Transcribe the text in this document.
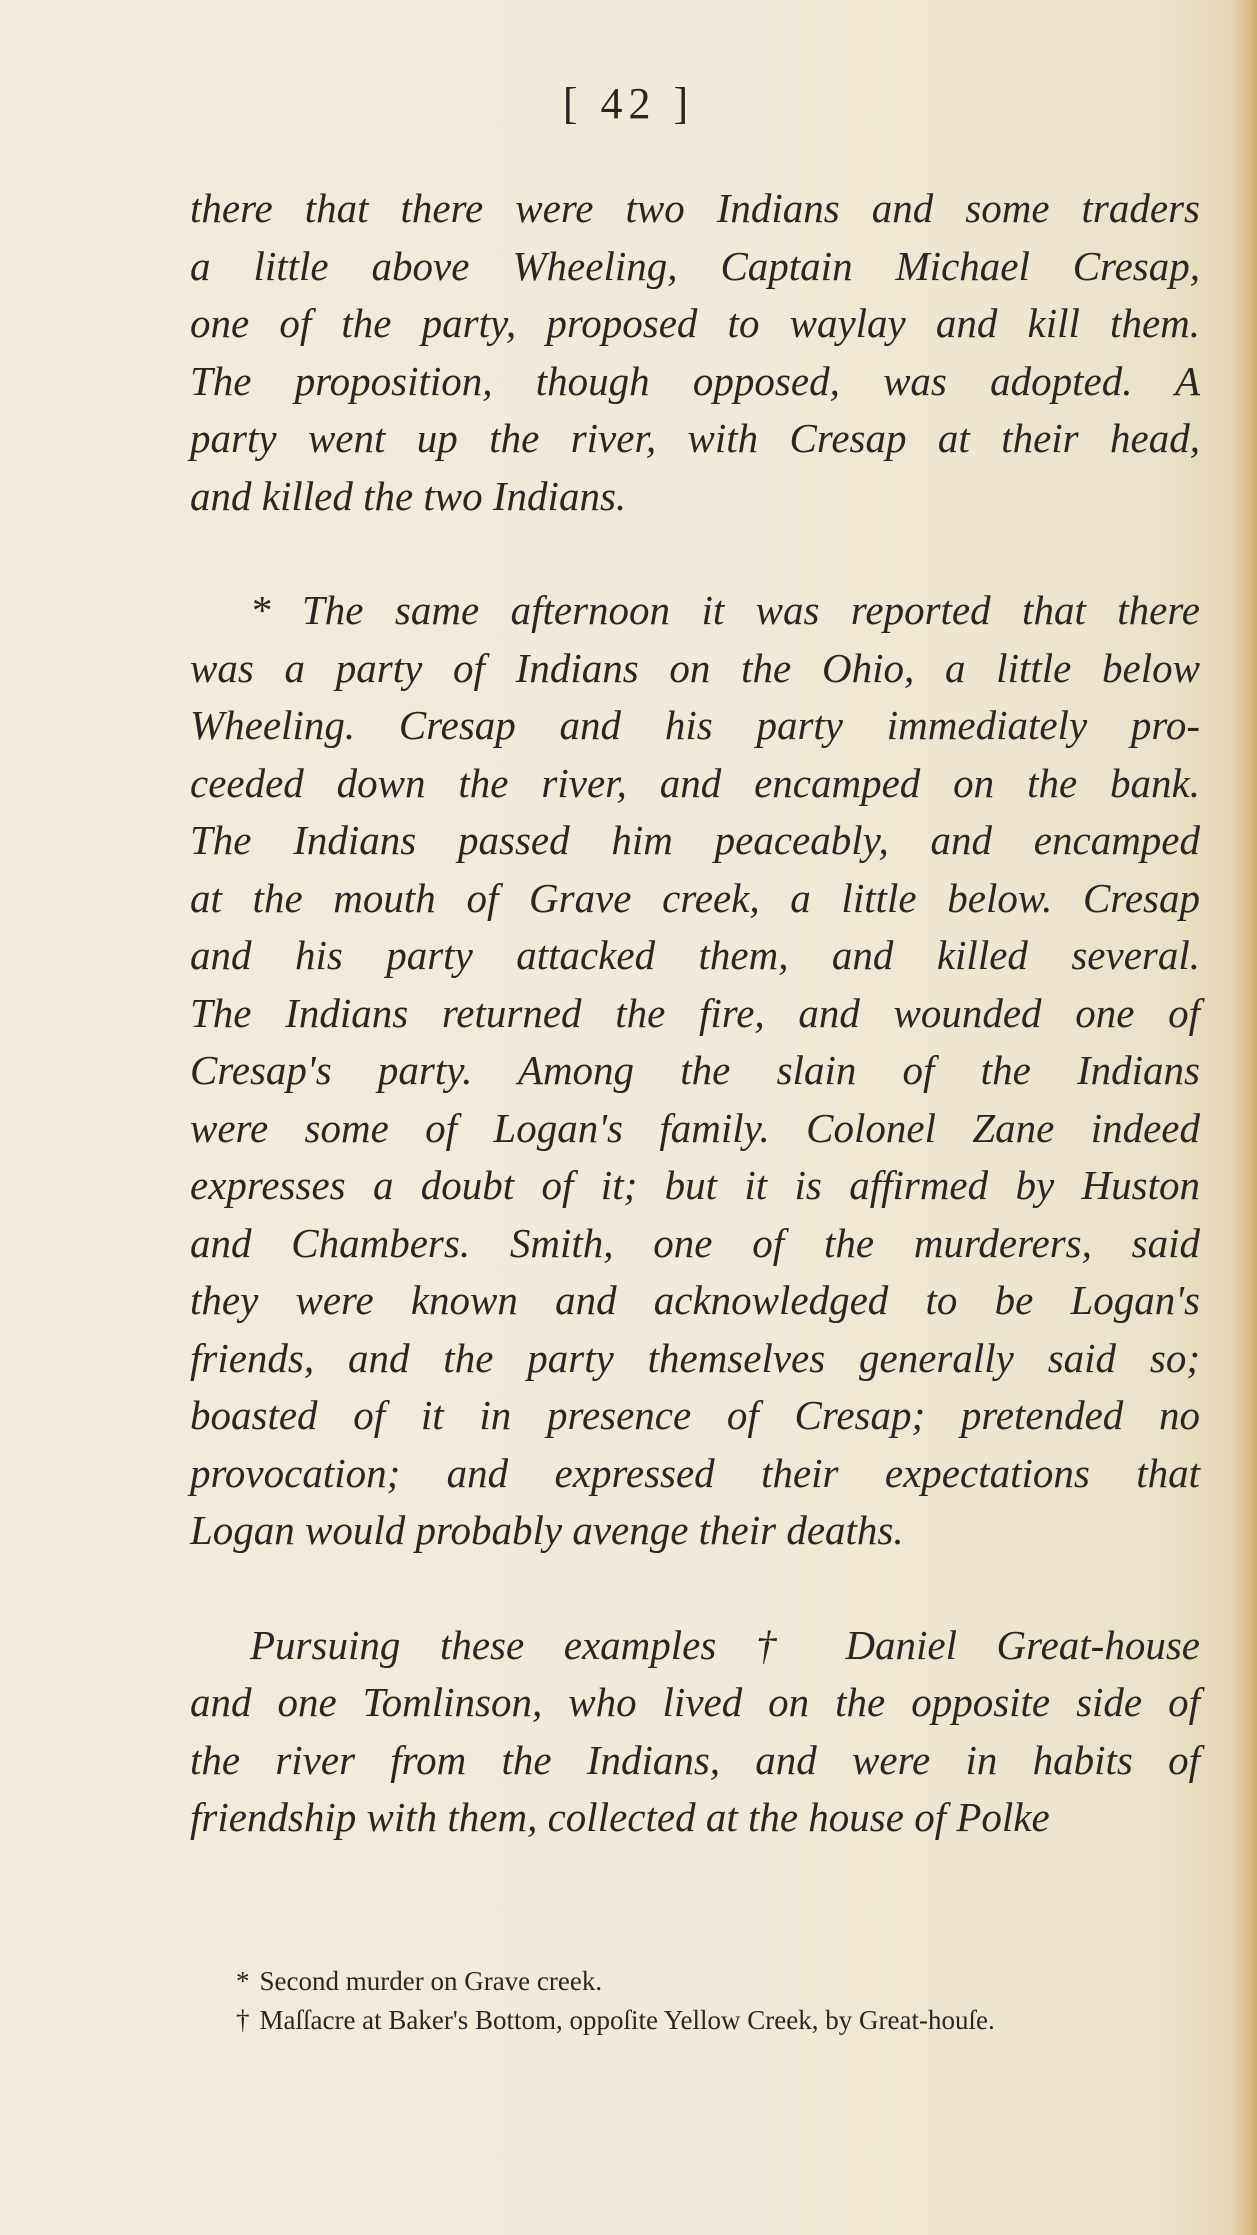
[ 42 ]
there that there were two Indians and some traders
a little above Wheeling, Captain Michael Cresap,
one of the party, proposed to waylay and kill them.
The proposition, though opposed, was adopted. A
party went up the river, with Cresap at their head,
and killed the two Indians.
* The same afternoon it was reported that there
was a party of Indians on the Ohio, a little below
Wheeling. Cresap and his party immediately pro-
ceeded down the river, and encamped on the bank.
The Indians passed him peaceably, and encamped
at the mouth of Grave creek, a little below. Cresap
and his party attacked them, and killed several.
The Indians returned the fire, and wounded one of
Cresap's party. Among the slain of the Indians
were some of Logan's family. Colonel Zane indeed
expresses a doubt of it; but it is affirmed by Huston
and Chambers. Smith, one of the murderers, said
they were known and acknowledged to be Logan's
friends, and the party themselves generally said so;
boasted of it in presence of Cresap; pretended no
provocation; and expressed their expectations that
Logan would probably avenge their deaths.
Pursuing these examples † Daniel Great-house
and one Tomlinson, who lived on the opposite side of
the river from the Indians, and were in habits of
friendship with them, collected at the house of Polke
* Second murder on Grave creek.
† Maſſacre at Baker's Bottom, oppoſite Yellow Creek, by Great-houſe.
